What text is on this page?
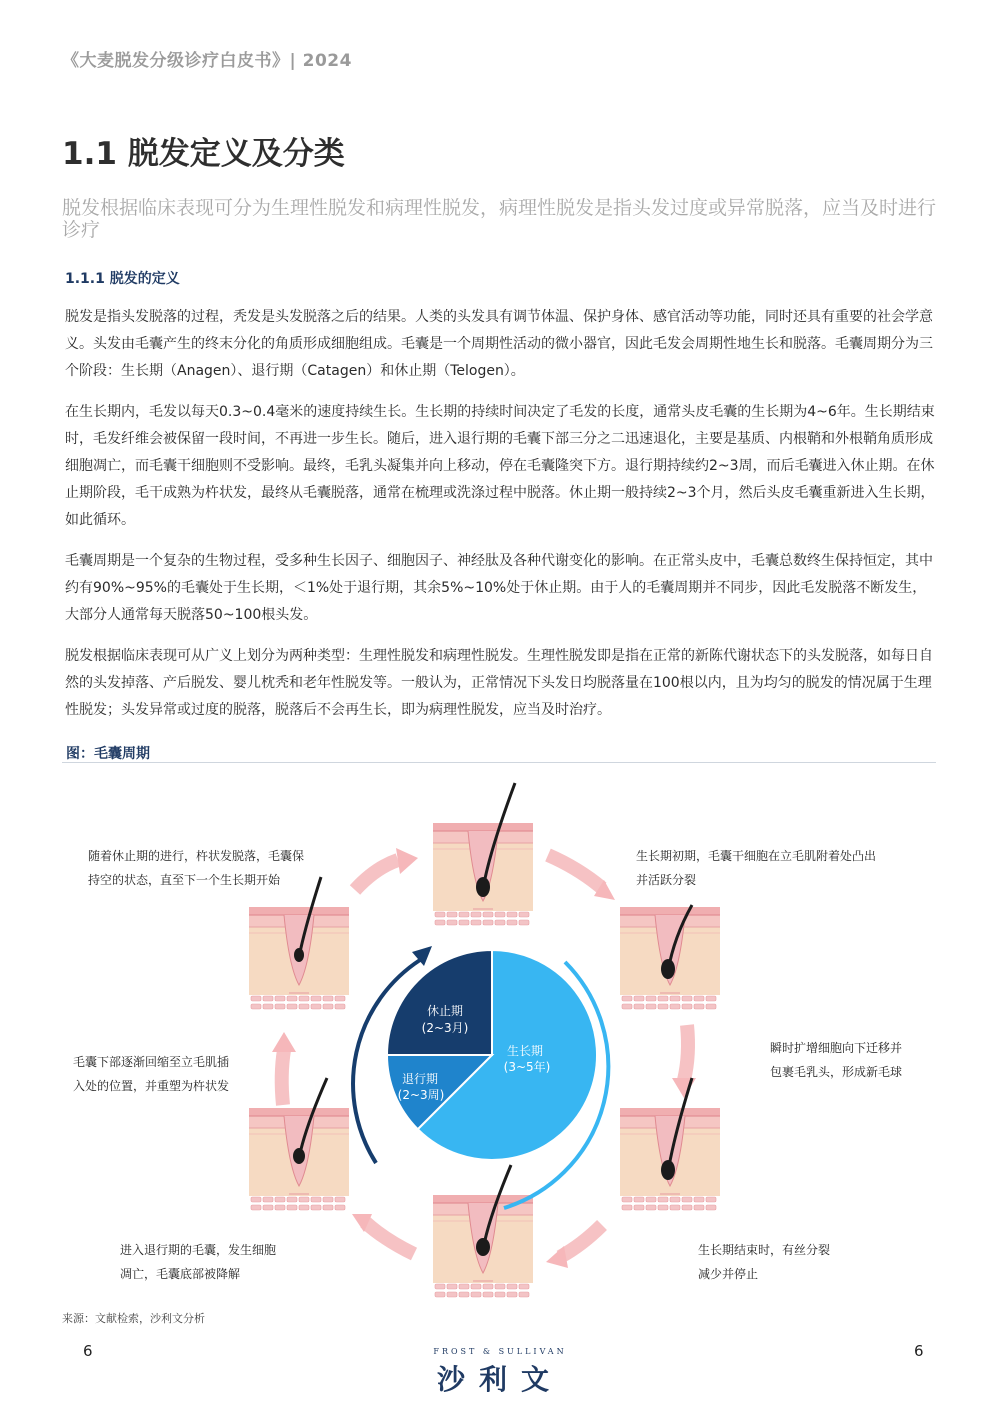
《大麦脱发分级诊疗白皮书》| 2024
1.1 脱发定义及分类
脱发根据临床表现可分为生理性脱发和病理性脱发，病理性脱发是指头发过度或异常脱落，应当及时进行诊疗
1.1.1 脱发的定义

脱发是指头发脱落的过程，秃发是头发脱落之后的结果。人类的头发具有调节体温、保护身体、感官活动等功能，同时还具有重要的社会学意义。头发由毛囊产生的终末分化的角质形成细胞组成。毛囊是一个周期性活动的微小器官，因此毛发会周期性地生长和脱落。毛囊周期分为三个阶段：生长期（Anagen）、退行期（Catagen）和休止期（Telogen）。

在生长期内，毛发以每天0.3~0.4毫米的速度持续生长。生长期的持续时间决定了毛发的长度，通常头皮毛囊的生长期为4~6年。生长期结束时，毛发纤维会被保留一段时间，不再进一步生长。随后，进入退行期的毛囊下部三分之二迅速退化，主要是基质、内根鞘和外根鞘角质形成细胞凋亡，而毛囊干细胞则不受影响。最终，毛乳头凝集并向上移动，停在毛囊隆突下方。退行期持续约2~3周，而后毛囊进入休止期。在休止期阶段，毛干成熟为杵状发，最终从毛囊脱落，通常在梳理或洗涤过程中脱落。休止期一般持续2~3个月，然后头皮毛囊重新进入生长期，如此循环。

毛囊周期是一个复杂的生物过程，受多种生长因子、细胞因子、神经肽及各种代谢变化的影响。在正常头皮中，毛囊总数终生保持恒定，其中约有90%~95%的毛囊处于生长期，＜1%处于退行期，其余5%~10%处于休止期。由于人的毛囊周期并不同步，因此毛发脱落不断发生，大部分人通常每天脱落50~100根头发。

脱发根据临床表现可从广义上划分为两种类型：生理性脱发和病理性脱发。生理性脱发即是指在正常的新陈代谢状态下的头发脱落，如每日自然的头发掉落、产后脱发、婴儿枕秃和老年性脱发等。一般认为，正常情况下头发日均脱落量在100根以内，且为均匀的脱发的情况属于生理性脱发；头发异常或过度的脱落，脱落后不会再生长，即为病理性脱发，应当及时治疗。

图：毛囊周期
休止期
(2~3月)
生长期
(3~5年)
退行期
(2~3周)

随着休止期的进行，杵状发脱落，毛囊保
持空的状态，直至下一个生长期开始

生长期初期，毛囊干细胞在立毛肌附着处凸出
并活跃分裂

瞬时扩增细胞向下迁移并
包裹毛乳头，形成新毛球

毛囊下部逐渐回缩至立毛肌插
入处的位置，并重塑为杵状发

进入退行期的毛囊，发生细胞
凋亡，毛囊底部被降解

生长期结束时，有丝分裂
减少并停止

来源：文献检索，沙利文分析
6	6
FROST & SULLIVAN
沙利文
